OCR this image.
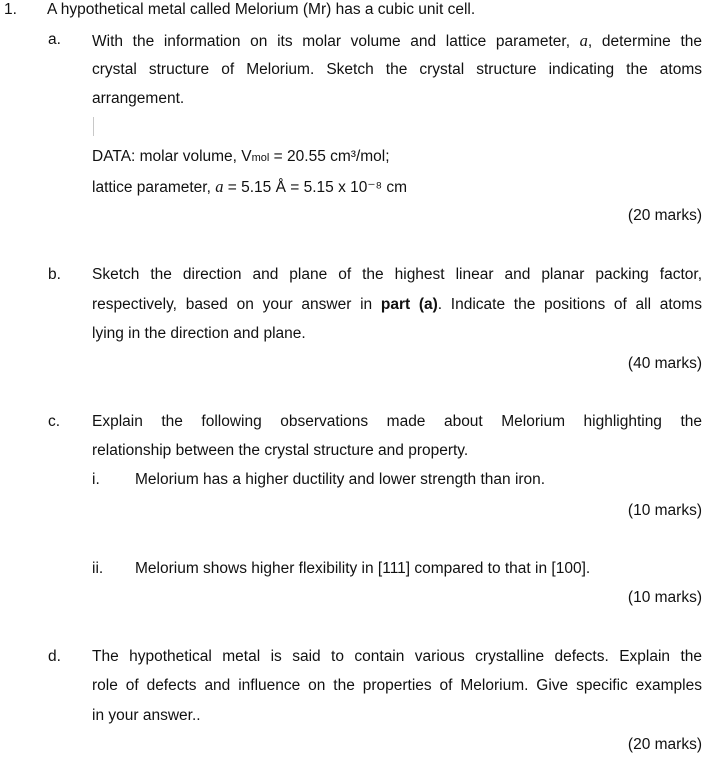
1. A hypothetical metal called Melorium (Mr) has a cubic unit cell.
a. With the information on its molar volume and lattice parameter, a, determine the
crystal structure of Melorium. Sketch the crystal structure indicating the atoms
arrangement.
DATA: molar volume, Vmol = 20.55 cm³/mol;
lattice parameter, a = 5.15 Å = 5.15 x 10⁻⁸ cm
(20 marks)
b. Sketch the direction and plane of the highest linear and planar packing factor,
respectively, based on your answer in part (a). Indicate the positions of all atoms
lying in the direction and plane.
(40 marks)
c. Explain the following observations made about Melorium highlighting the
relationship between the crystal structure and property.
i. Melorium has a higher ductility and lower strength than iron.
(10 marks)
ii. Melorium shows higher flexibility in [111] compared to that in [100].
(10 marks)
d. The hypothetical metal is said to contain various crystalline defects. Explain the
role of defects and influence on the properties of Melorium. Give specific examples
in your answer..
(20 marks)
